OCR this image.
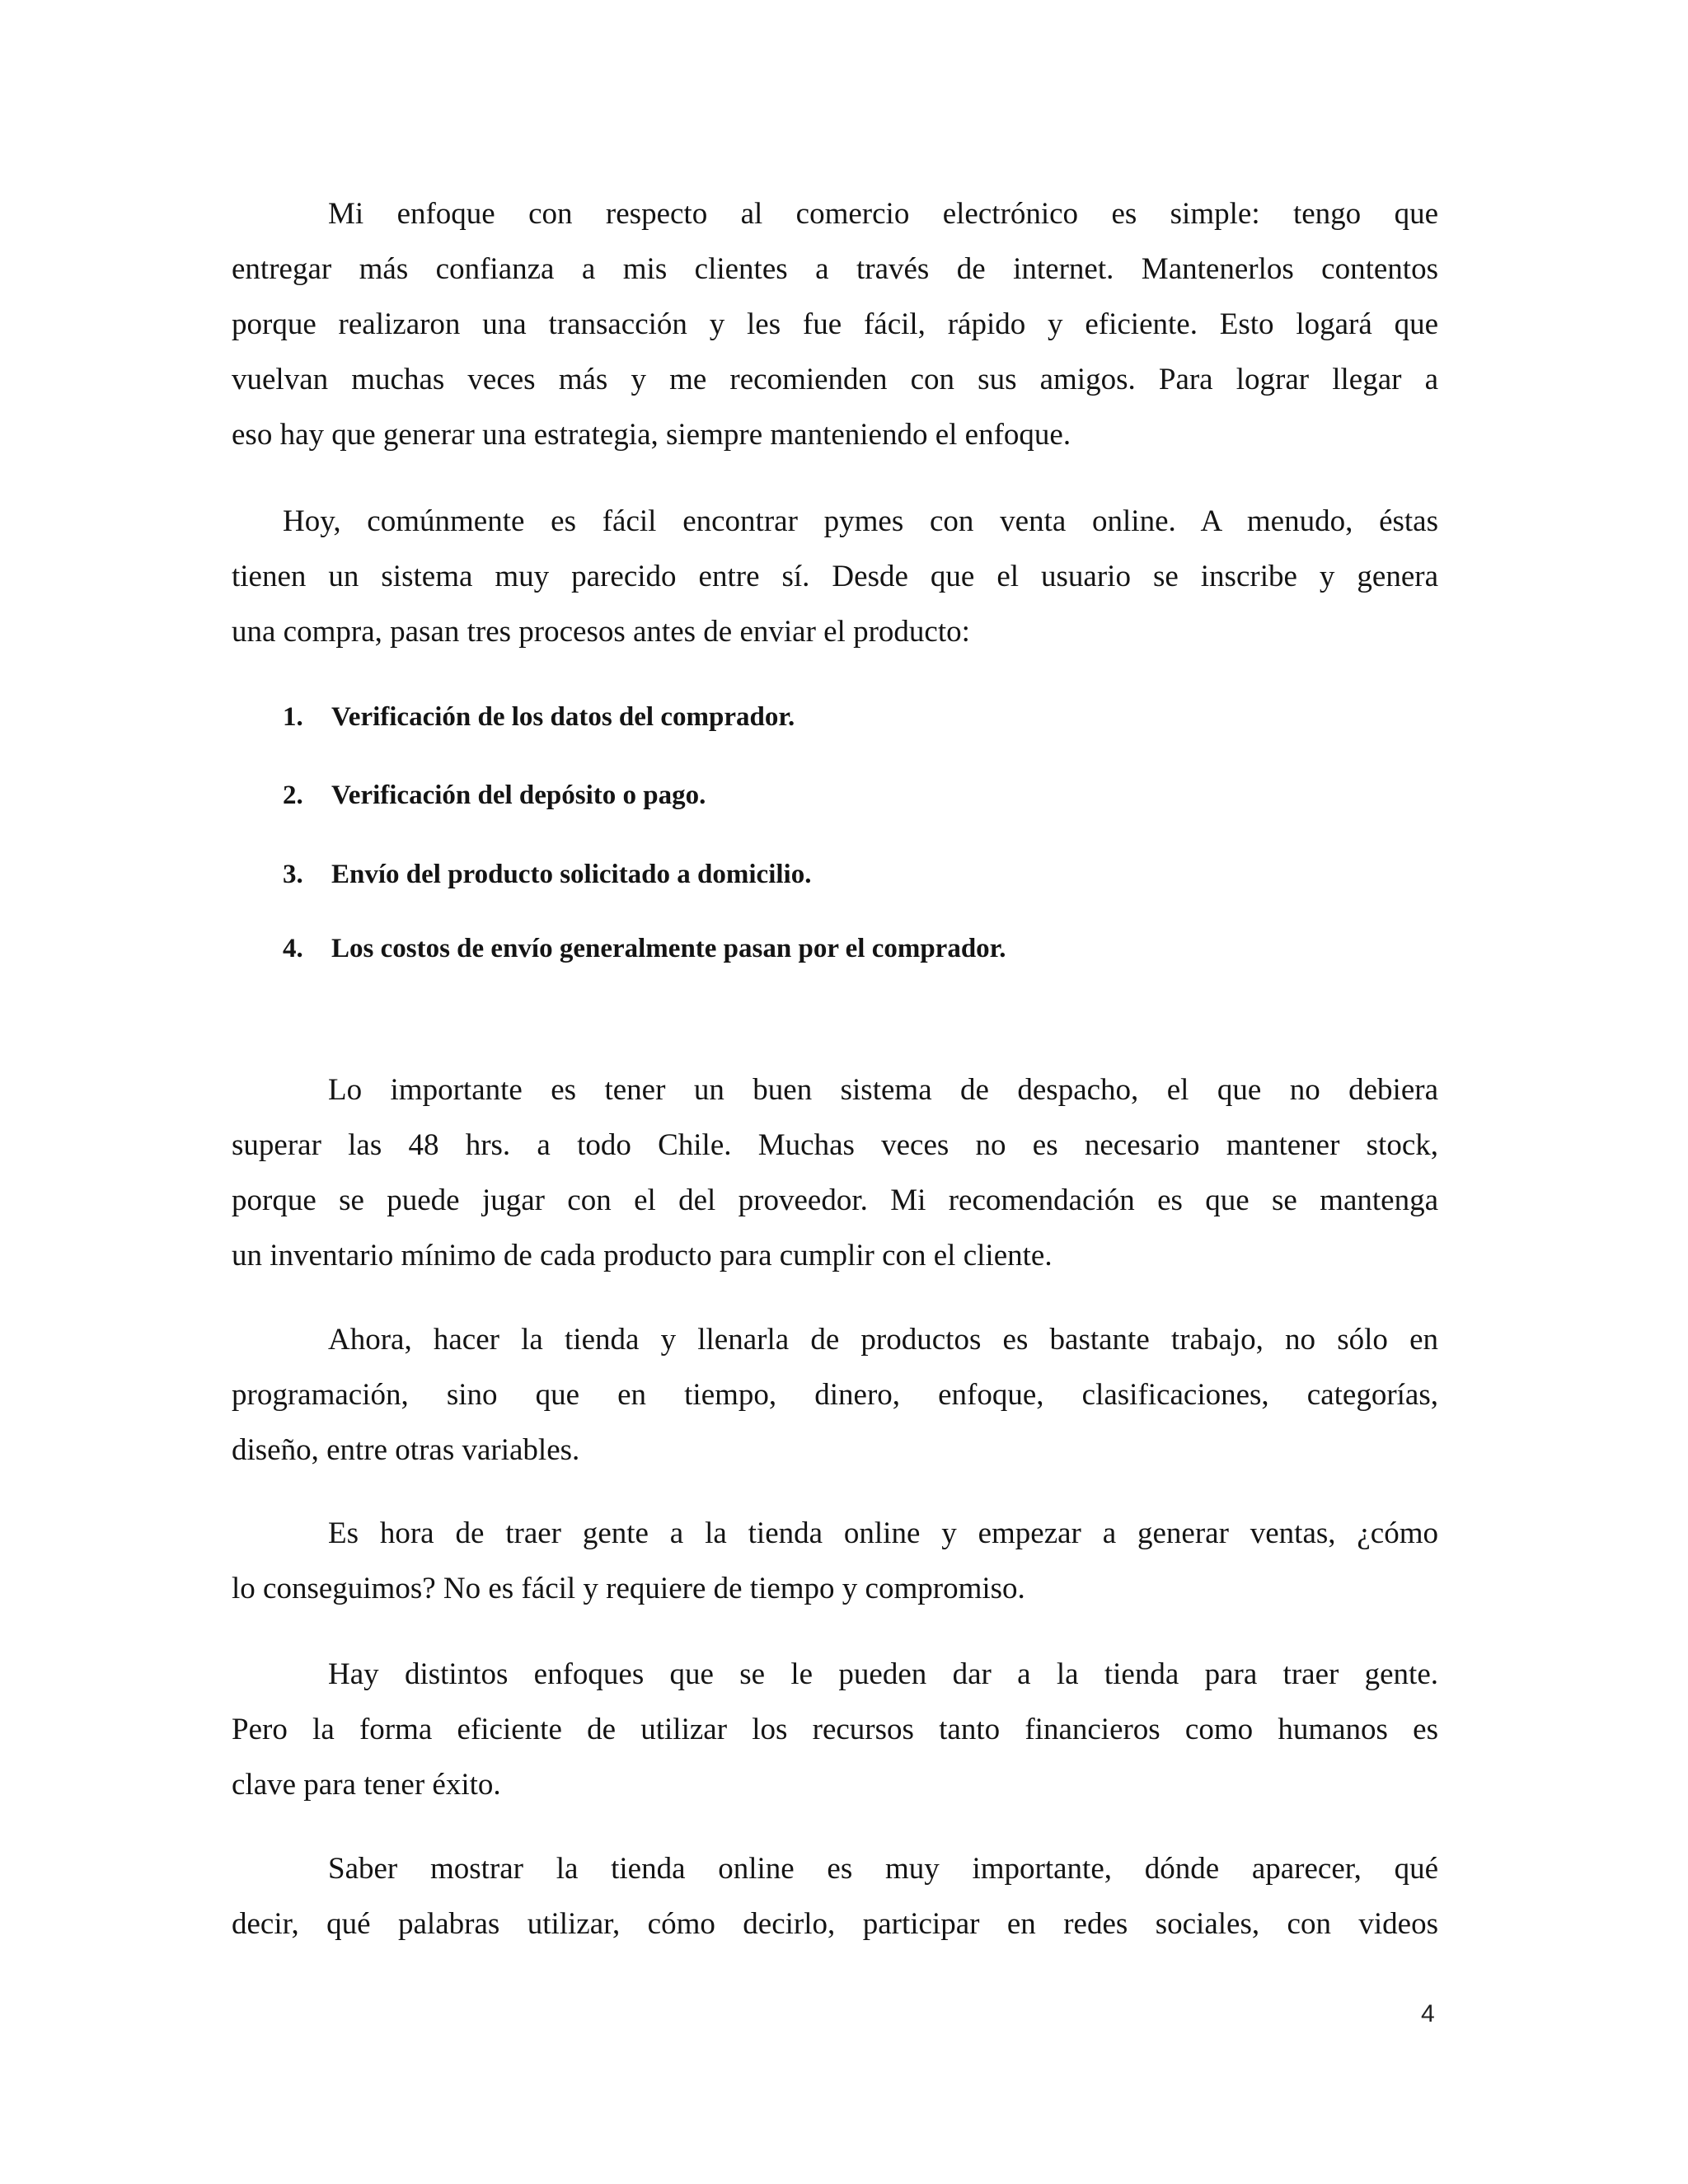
Mi enfoque con respecto al comercio electrónico es simple: tengo que
entregar más confianza a mis clientes a través de internet. Mantenerlos contentos
porque realizaron una transacción y les fue fácil, rápido y eficiente. Esto logará que
vuelvan muchas veces más y me recomienden con sus amigos. Para lograr llegar a
eso hay que generar una estrategia, siempre manteniendo el enfoque.
Hoy, comúnmente es fácil encontrar pymes con venta online. A menudo, éstas
tienen un sistema muy parecido entre sí. Desde que el usuario se inscribe y genera
una compra, pasan tres procesos antes de enviar el producto:
1. Verificación de los datos del comprador.
2. Verificación del depósito o pago.
3. Envío del producto solicitado a domicilio.
4. Los costos de envío generalmente pasan por el comprador.
Lo importante es tener un buen sistema de despacho, el que no debiera
superar las 48 hrs. a todo Chile. Muchas veces no es necesario mantener stock,
porque se puede jugar con el del proveedor. Mi recomendación es que se mantenga
un inventario mínimo de cada producto para cumplir con el cliente.
Ahora, hacer la tienda y llenarla de productos es bastante trabajo, no sólo en
programación, sino que en tiempo, dinero, enfoque, clasificaciones, categorías,
diseño, entre otras variables.
Es hora de traer gente a la tienda online y empezar a generar ventas, ¿cómo
lo conseguimos? No es fácil y requiere de tiempo y compromiso.
Hay distintos enfoques que se le pueden dar a la tienda para traer gente.
Pero la forma eficiente de utilizar los recursos tanto financieros como humanos es
clave para tener éxito.
Saber mostrar la tienda online es muy importante, dónde aparecer, qué
decir, qué palabras utilizar, cómo decirlo, participar en redes sociales, con videos
4
